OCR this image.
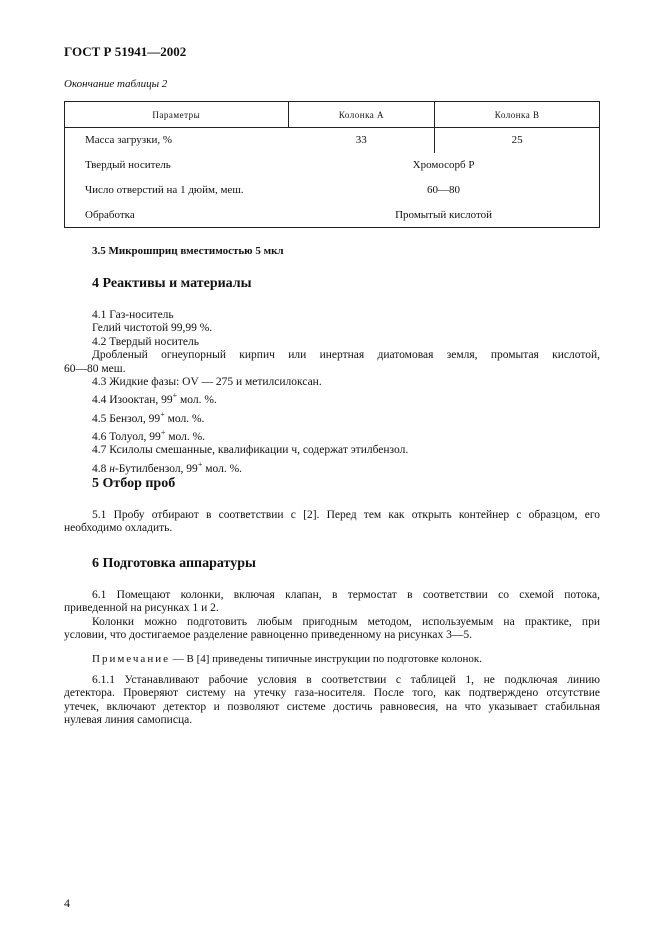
ГОСТ Р 51941—2002
Окончание таблицы 2
Параметры	Колонка А	Колонка В
Масса загрузки, %	33	25
Твердый носитель	Хромосорб Р	
Число отверстий на 1 дюйм, меш.	60—80	
Обработка	Промытый кислотой	
3.5 Микрошприц вместимостью 5 мкл
4 Реактивы и материалы

4.1 Газ-носитель

Гелий чистотой 99,99 %.

4.2 Твердый носитель

Дробленый огнеупорный кирпич или инертная диатомовая земля, промытая кислотой,

60—80 меш.

4.3 Жидкие фазы: OV — 275 и метилсилоксан.

4.4 Изооктан, 99+ мол. %.

4.5 Бензол, 99+ мол. %.

4.6 Толуол, 99+ мол. %.

4.7 Ксилолы смешанные, квалификации ч, содержат этилбензол.

4.8 н-Бутилбензол, 99+ мол. %.

5 Отбор проб

5.1 Пробу отбирают в соответствии с [2]. Перед тем как открыть контейнер с образцом, его

необходимо охладить.

6 Подготовка аппаратуры

6.1 Помещают колонки, включая клапан, в термостат в соответствии со схемой потока,

приведенной на рисунках 1 и 2.

Колонки можно подготовить любым пригодным методом, используемым на практике, при

условии, что достигаемое разделение равноценно приведенному на рисунках 3—5.

Примечание — В [4] приведены типичные инструкции по подготовке колонок.

6.1.1 Устанавливают рабочие условия в соответствии с таблицей 1, не подключая линию

детектора. Проверяют систему на утечку газа-носителя. После того, как подтверждено отсутствие

утечек, включают детектор и позволяют системе достичь равновесия, на что указывает стабильная

нулевая линия самописца.

4
